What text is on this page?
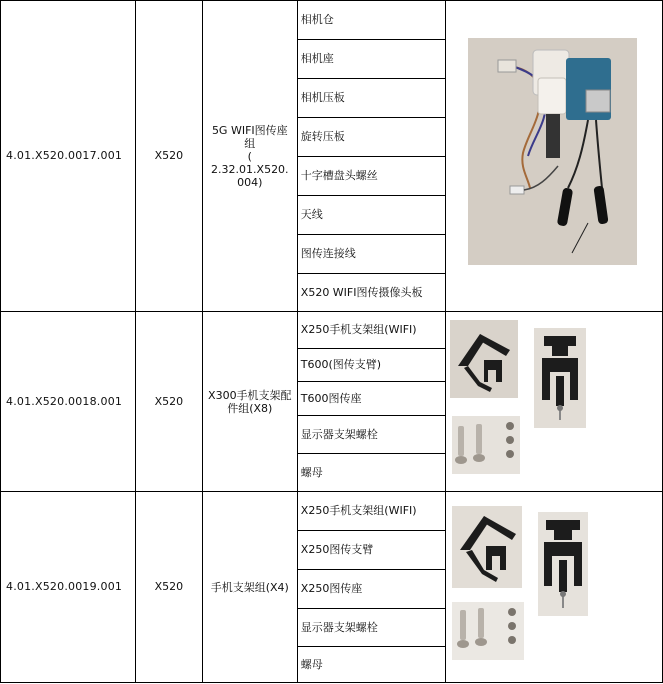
4.01.X520.0017.001	X520	5G WIFI图传座
组
(
2.32.01.X520.
004)	相机仓	

			相机座	
			相机压板	
			旋转压板	
			十字槽盘头螺丝	
			天线	
			图传连接线	
			X520 WIFI图传摄像头板	
4.01.X520.0018.001	X520	X300手机支架配
件组(X8)	X250手机支架组(WIFI)	

			T600(图传支臂)	
			T600图传座	
			显示器支架螺栓	
			螺母	
4.01.X520.0019.001	X520	手机支架组(X4)	X250手机支架组(WIFI)	

			X250图传支臂	
			X250图传座	
			显示器支架螺栓	
			螺母	
